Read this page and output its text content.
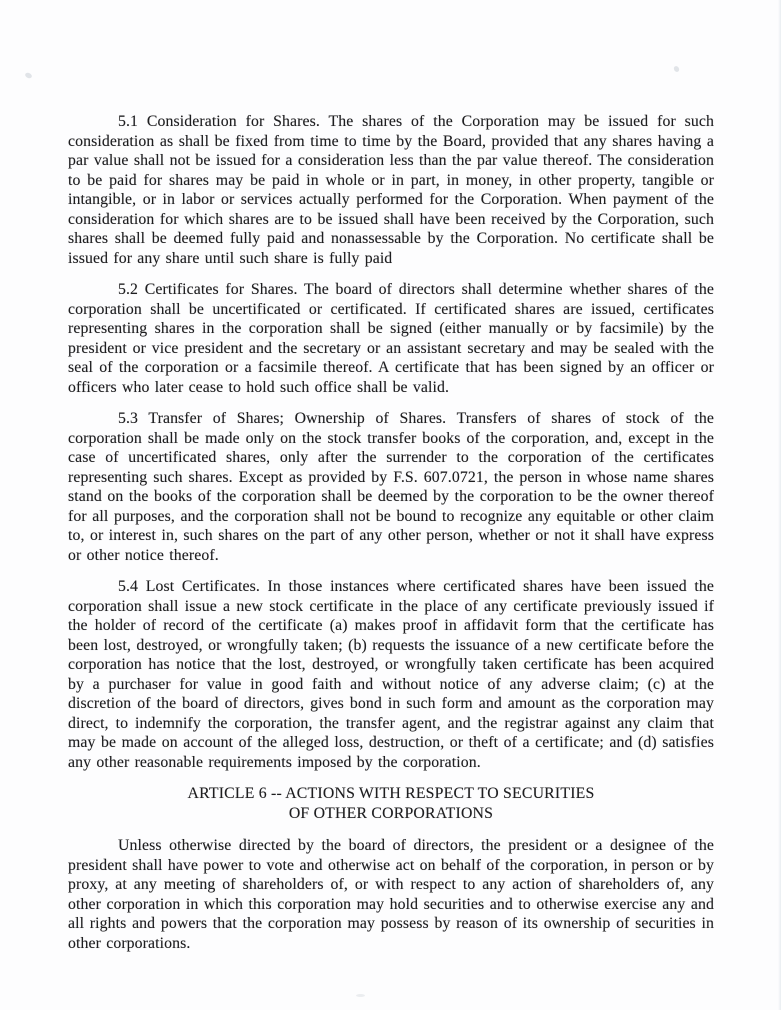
5.1 Consideration for Shares. The shares of the Corporation may be issued for such consideration as shall be fixed from time to time by the Board, provided that any shares having a par value shall not be issued for a consideration less than the par value thereof. The consideration to be paid for shares may be paid in whole or in part, in money, in other property, tangible or intangible, or in labor or services actually performed for the Corporation. When payment of the consideration for which shares are to be issued shall have been received by the Corporation, such shares shall be deemed fully paid and nonassessable by the Corporation. No certificate shall be issued for any share until such share is fully paid

5.2 Certificates for Shares. The board of directors shall determine whether shares of the corporation shall be uncertificated or certificated. If certificated shares are issued, certificates representing shares in the corporation shall be signed (either manually or by facsimile) by the president or vice president and the secretary or an assistant secretary and may be sealed with the seal of the corporation or a facsimile thereof. A certificate that has been signed by an officer or officers who later cease to hold such office shall be valid.

5.3 Transfer of Shares; Ownership of Shares. Transfers of shares of stock of the corporation shall be made only on the stock transfer books of the corporation, and, except in the case of uncertificated shares, only after the surrender to the corporation of the certificates representing such shares. Except as provided by F.S. 607.0721, the person in whose name shares stand on the books of the corporation shall be deemed by the corporation to be the owner thereof for all purposes, and the corporation shall not be bound to recognize any equitable or other claim to, or interest in, such shares on the part of any other person, whether or not it shall have express or other notice thereof.

5.4 Lost Certificates. In those instances where certificated shares have been issued the corporation shall issue a new stock certificate in the place of any certificate previously issued if the holder of record of the certificate (a) makes proof in affidavit form that the certificate has been lost, destroyed, or wrongfully taken; (b) requests the issuance of a new certificate before the corporation has notice that the lost, destroyed, or wrongfully taken certificate has been acquired by a purchaser for value in good faith and without notice of any adverse claim; (c) at the discretion of the board of directors, gives bond in such form and amount as the corporation may direct, to indemnify the corporation, the transfer agent, and the registrar against any claim that may be made on account of the alleged loss, destruction, or theft of a certificate; and (d) satisfies any other reasonable requirements imposed by the corporation.

ARTICLE 6 -- ACTIONS WITH RESPECT TO SECURITIES
OF OTHER CORPORATIONS

Unless otherwise directed by the board of directors, the president or a designee of the president shall have power to vote and otherwise act on behalf of the corporation, in person or by proxy, at any meeting of shareholders of, or with respect to any action of shareholders of, any other corporation in which this corporation may hold securities and to otherwise exercise any and all rights and powers that the corporation may possess by reason of its ownership of securities in other corporations.
